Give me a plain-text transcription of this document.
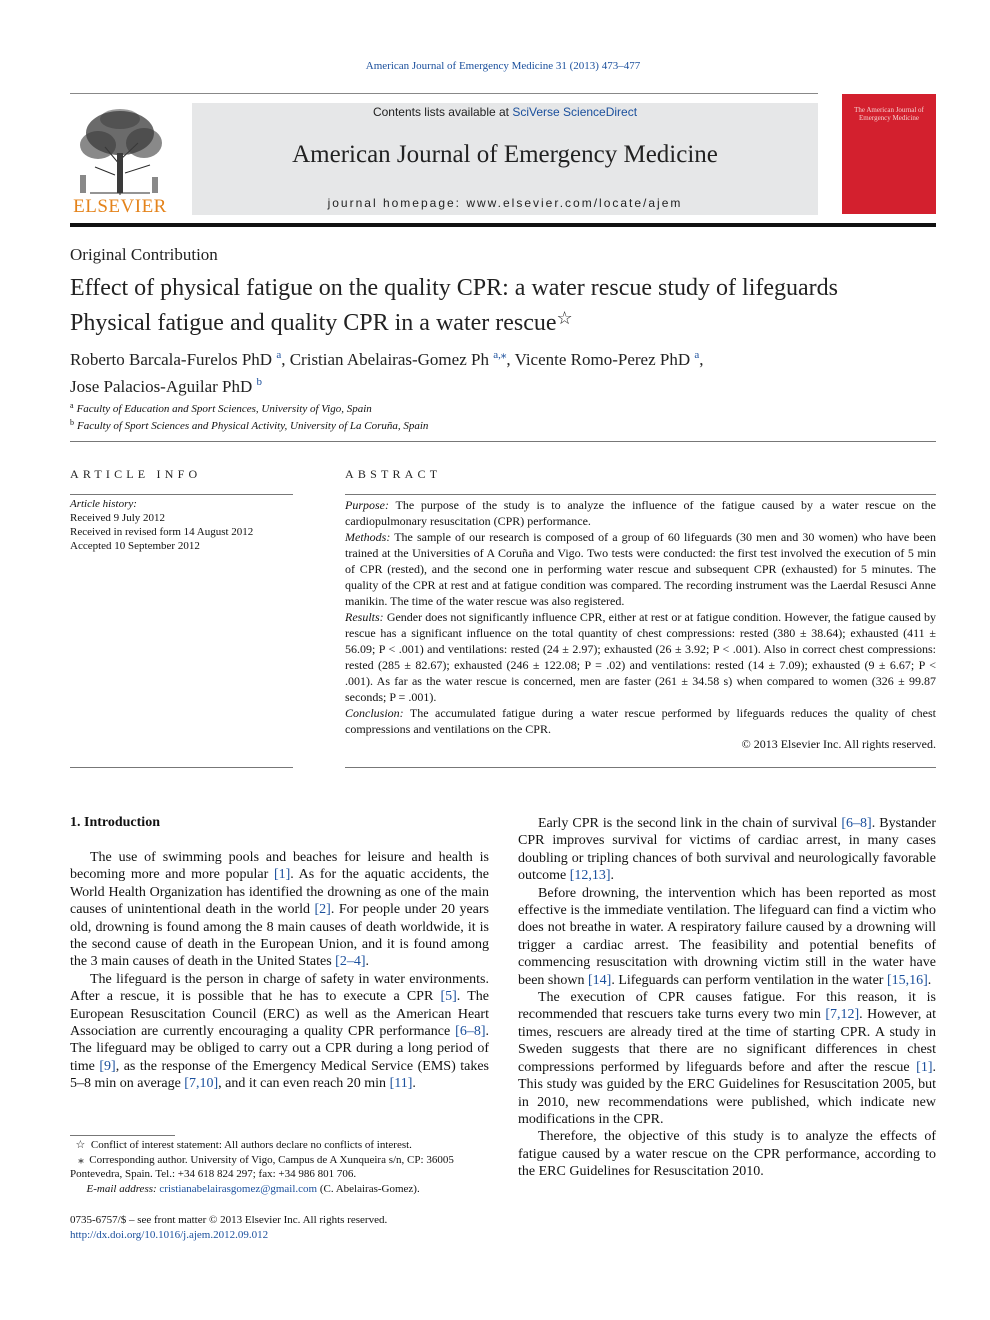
American Journal of Emergency Medicine 31 (2013) 473–477
ELSEVIER
Contents lists available at SciVerse ScienceDirect
American Journal of Emergency Medicine
journal homepage: www.elsevier.com/locate/ajem
The American Journal of Emergency Medicine
Original Contribution
Effect of physical fatigue on the quality CPR: a water rescue study of lifeguards
Physical fatigue and quality CPR in a water rescue☆
Roberto Barcala-Furelos PhD $^a$, Cristian Abelairas-Gomez Ph $^{a,⁎}$, Vicente Romo-Perez PhD $^a$,
Jose Palacios-Aguilar PhD $^b$
$^a$ Faculty of Education and Sport Sciences, University of Vigo, Spain
$^b$ Faculty of Sport Sciences and Physical Activity, University of La Coruña, Spain
ARTICLE INFO	ABSTRACT
Article history:
Received 9 July 2012
Received in revised form 14 August 2012
Accepted 10 September 2012

Purpose: The purpose of the study is to analyze the influence of the fatigue caused by a water rescue on the cardiopulmonary resuscitation (CPR) performance.

Methods: The sample of our research is composed of a group of 60 lifeguards (30 men and 30 women) who have been trained at the Universities of A Coruña and Vigo. Two tests were conducted: the first test involved the execution of 5 min of CPR (rested), and the second one in performing water rescue and subsequent CPR (exhausted) for 5 minutes. The quality of the CPR at rest and at fatigue condition was compared. The recording instrument was the Laerdal Resusci Anne manikin. The time of the water rescue was also registered.

Results: Gender does not significantly influence CPR, either at rest or at fatigue condition. However, the fatigue caused by rescue has a significant influence on the total quantity of chest compressions: rested (380 ± 38.64); exhausted (411 ± 56.09; P < .001) and ventilations: rested (24 ± 2.97); exhausted (26 ± 3.92; P < .001). Also in correct chest compressions: rested (285 ± 82.67); exhausted (246 ± 122.08; P = .02) and ventilations: rested (14 ± 7.09); exhausted (9 ± 6.67; P < .001). As far as the water rescue is concerned, men are faster (261 ± 34.58 s) when compared to women (326 ± 99.87 seconds; P = .001).

Conclusion: The accumulated fatigue during a water rescue performed by lifeguards reduces the quality of chest compressions and ventilations on the CPR.

© 2013 Elsevier Inc. All rights reserved.
1. Introduction

The use of swimming pools and beaches for leisure and health is becoming more and more popular [1]. As for the aquatic accidents, the World Health Organization has identified the drowning as one of the main causes of unintentional death in the world [2]. For people under 20 years old, drowning is found among the 8 main causes of death worldwide, it is the second cause of death in the European Union, and it is found among the 3 main causes of death in the United States [2–4].

The lifeguard is the person in charge of safety in water environments. After a rescue, it is possible that he has to execute a CPR [5]. The European Resuscitation Council (ERC) as well as the American Heart Association are currently encouraging a quality CPR performance [6–8]. The lifeguard may be obliged to carry out a CPR during a long period of time [9], as the response of the Emergency Medical Service (EMS) takes 5–8 min on average [7,10], and it can even reach 20 min [11].

Early CPR is the second link in the chain of survival [6–8]. Bystander CPR improves survival for victims of cardiac arrest, in many cases doubling or tripling chances of both survival and neurologically favorable outcome [12,13].

Before drowning, the intervention which has been reported as most effective is the immediate ventilation. The lifeguard can find a victim who does not breathe in water. A respiratory failure caused by a drowning will trigger a cardiac arrest. The feasibility and potential benefits of commencing resuscitation with drowning victim still in the water have been shown [14]. Lifeguards can perform ventilation in the water [15,16].

The execution of CPR causes fatigue. For this reason, it is recommended that rescuers take turns every two min [7,12]. However, at times, rescuers are already tired at the time of starting CPR. A study in Sweden suggests that there are no significant differences in chest compressions performed by lifeguards before and after the rescue [1]. This study was guided by the ERC Guidelines for Resuscitation 2005, but in 2010, new recommendations were published, which indicate new modifications in the CPR.

Therefore, the objective of this study is to analyze the effects of fatigue caused by a water rescue on the CPR performance, according to the ERC Guidelines for Resuscitation 2010.

☆ Conflict of interest statement: All authors declare no conflicts of interest.

⁎ Corresponding author. University of Vigo, Campus de A Xunqueira s/n, CP: 36005 Pontevedra, Spain. Tel.: +34 618 824 297; fax: +34 986 801 706.

E-mail address: cristianabelairasgomez@gmail.com (C. Abelairas-Gomez).

0735-6757/$ – see front matter © 2013 Elsevier Inc. All rights reserved.
http://dx.doi.org/10.1016/j.ajem.2012.09.012
